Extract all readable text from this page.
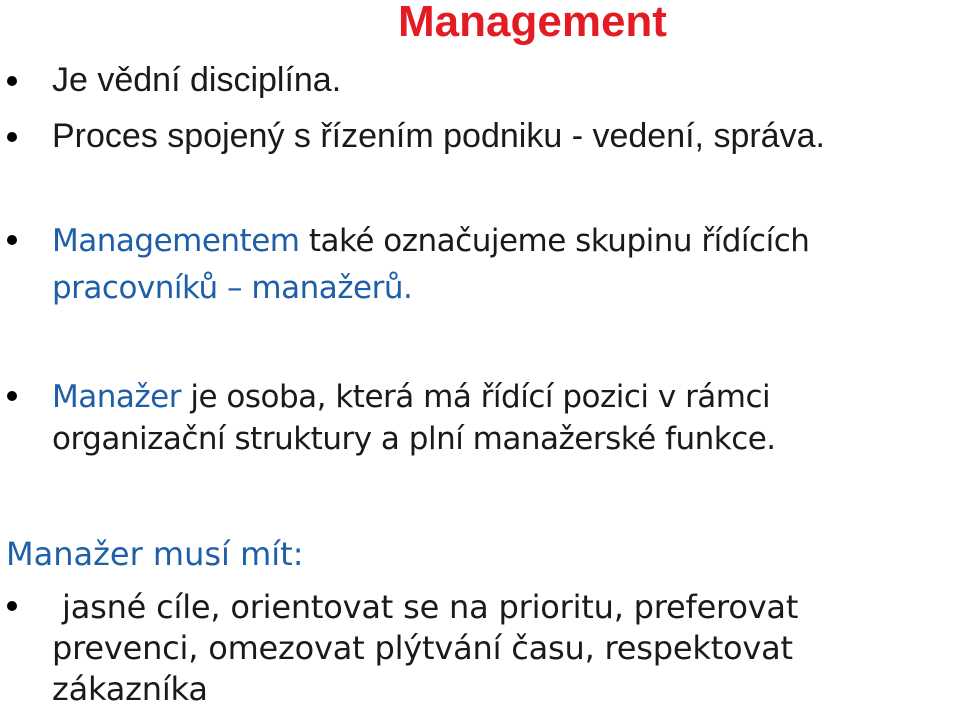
Management
Je vědní disciplína.
Proces spojený s řízením podniku - vedení, správa.
Managementem také označujeme skupinu řídících
pracovníků – manažerů.
Manažer je osoba, která má řídící pozici v rámci
organizační struktury a plní manažerské funkce.
Manažer musí mít:
jasné cíle, orientovat se na prioritu, preferovat
prevenci, omezovat plýtvání času, respektovat
zákazníka
